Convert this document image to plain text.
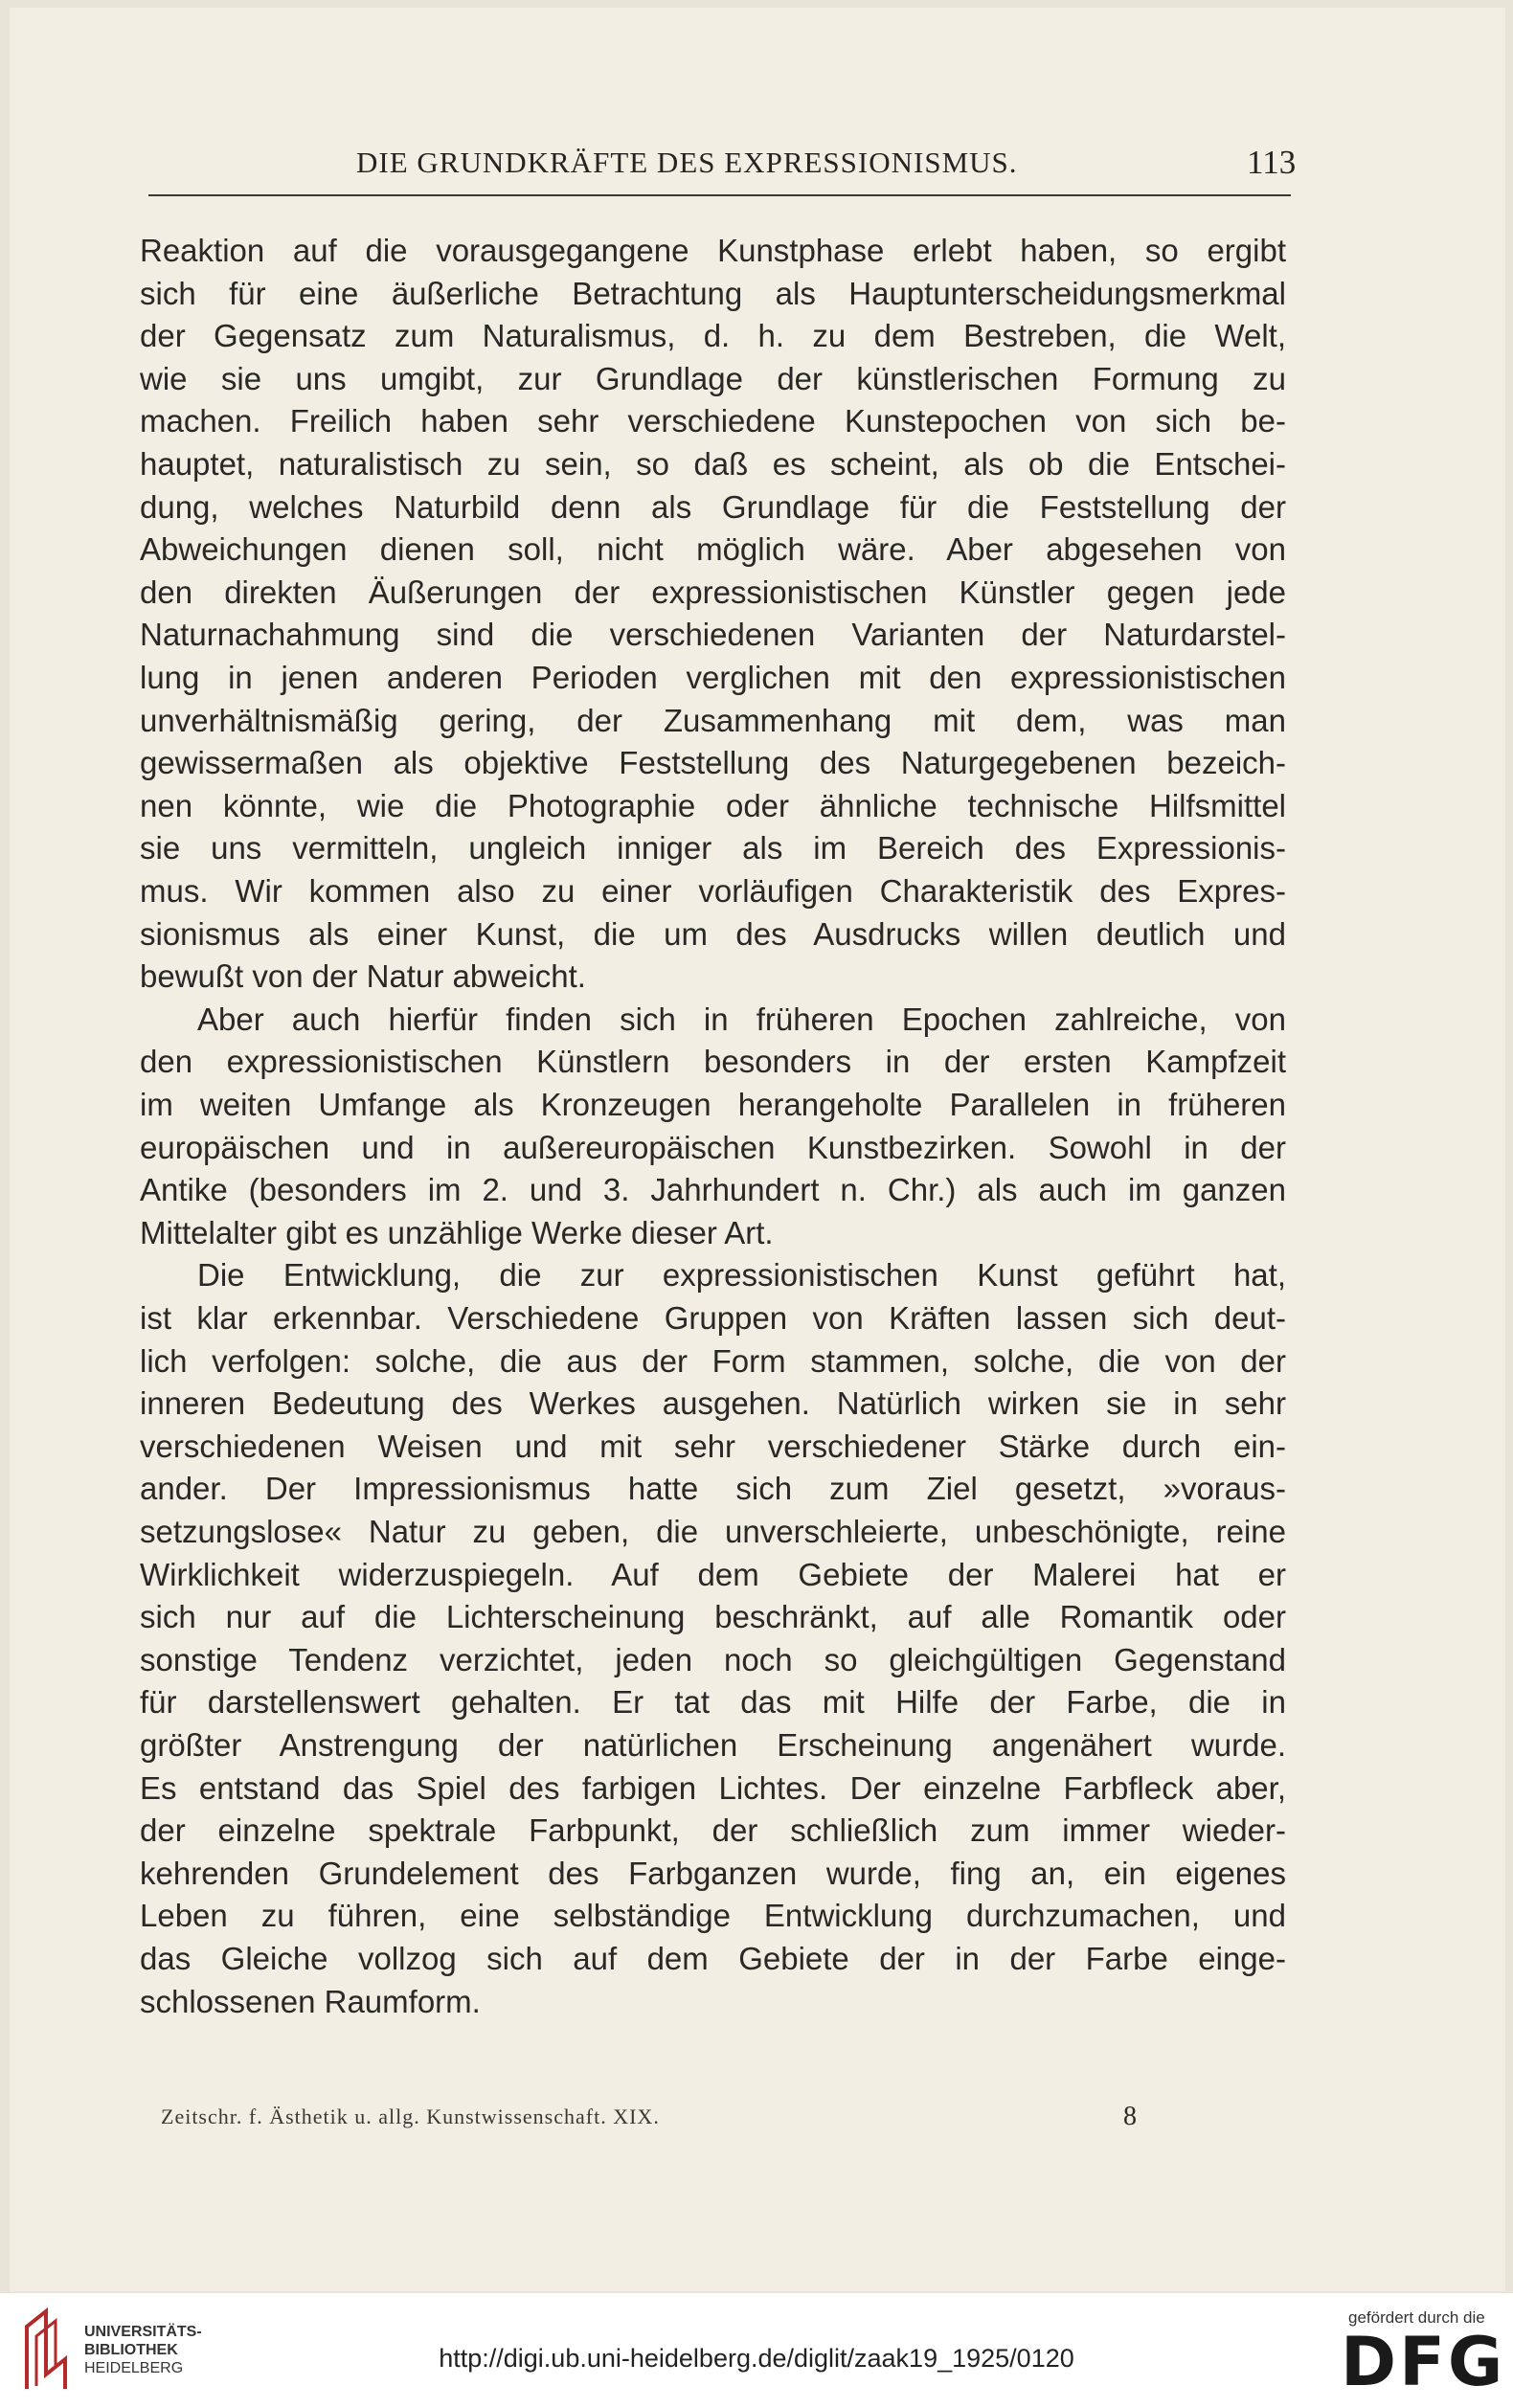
DIE GRUNDKRÄFTE DES EXPRESSIONISMUS.	113
Reaktion auf die vorausgegangene Kunstphase erlebt haben, so ergibt
sich für eine äußerliche Betrachtung als Hauptunterscheidungsmerkmal
der Gegensatz zum Naturalismus, d. h. zu dem Bestreben, die Welt,
wie sie uns umgibt, zur Grundlage der künstlerischen Formung zu
machen. Freilich haben sehr verschiedene Kunstepochen von sich be-
hauptet, naturalistisch zu sein, so daß es scheint, als ob die Entschei-
dung, welches Naturbild denn als Grundlage für die Feststellung der
Abweichungen dienen soll, nicht möglich wäre. Aber abgesehen von
den direkten Äußerungen der expressionistischen Künstler gegen jede
Naturnachahmung sind die verschiedenen Varianten der Naturdarstel-
lung in jenen anderen Perioden verglichen mit den expressionistischen
unverhältnismäßig gering, der Zusammenhang mit dem, was man
gewissermaßen als objektive Feststellung des Naturgegebenen bezeich-
nen könnte, wie die Photographie oder ähnliche technische Hilfsmittel
sie uns vermitteln, ungleich inniger als im Bereich des Expressionis-
mus. Wir kommen also zu einer vorläufigen Charakteristik des Expres-
sionismus als einer Kunst, die um des Ausdrucks willen deutlich und
bewußt von der Natur abweicht.
Aber auch hierfür finden sich in früheren Epochen zahlreiche, von
den expressionistischen Künstlern besonders in der ersten Kampfzeit
im weiten Umfange als Kronzeugen herangeholte Parallelen in früheren
europäischen und in außereuropäischen Kunstbezirken. Sowohl in der
Antike (besonders im 2. und 3. Jahrhundert n. Chr.) als auch im ganzen
Mittelalter gibt es unzählige Werke dieser Art.
Die Entwicklung, die zur expressionistischen Kunst geführt hat,
ist klar erkennbar. Verschiedene Gruppen von Kräften lassen sich deut-
lich verfolgen: solche, die aus der Form stammen, solche, die von der
inneren Bedeutung des Werkes ausgehen. Natürlich wirken sie in sehr
verschiedenen Weisen und mit sehr verschiedener Stärke durch ein-
ander. Der Impressionismus hatte sich zum Ziel gesetzt, »voraus-
setzungslose« Natur zu geben, die unverschleierte, unbeschönigte, reine
Wirklichkeit widerzuspiegeln. Auf dem Gebiete der Malerei hat er
sich nur auf die Lichterscheinung beschränkt, auf alle Romantik oder
sonstige Tendenz verzichtet, jeden noch so gleichgültigen Gegenstand
für darstellenswert gehalten. Er tat das mit Hilfe der Farbe, die in
größter Anstrengung der natürlichen Erscheinung angenähert wurde.
Es entstand das Spiel des farbigen Lichtes. Der einzelne Farbfleck aber,
der einzelne spektrale Farbpunkt, der schließlich zum immer wieder-
kehrenden Grundelement des Farbganzen wurde, fing an, ein eigenes
Leben zu führen, eine selbständige Entwicklung durchzumachen, und
das Gleiche vollzog sich auf dem Gebiete der in der Farbe einge-
schlossenen Raumform.
Zeitschr. f. Ästhetik u. allg. Kunstwissenschaft. XIX.	8
UNIVERSITÄTS-
BIBLIOTHEK
HEIDELBERG	http://digi.ub.uni-heidelberg.de/diglit/zaak19_1925/0120
gefördert durch die
DFG
